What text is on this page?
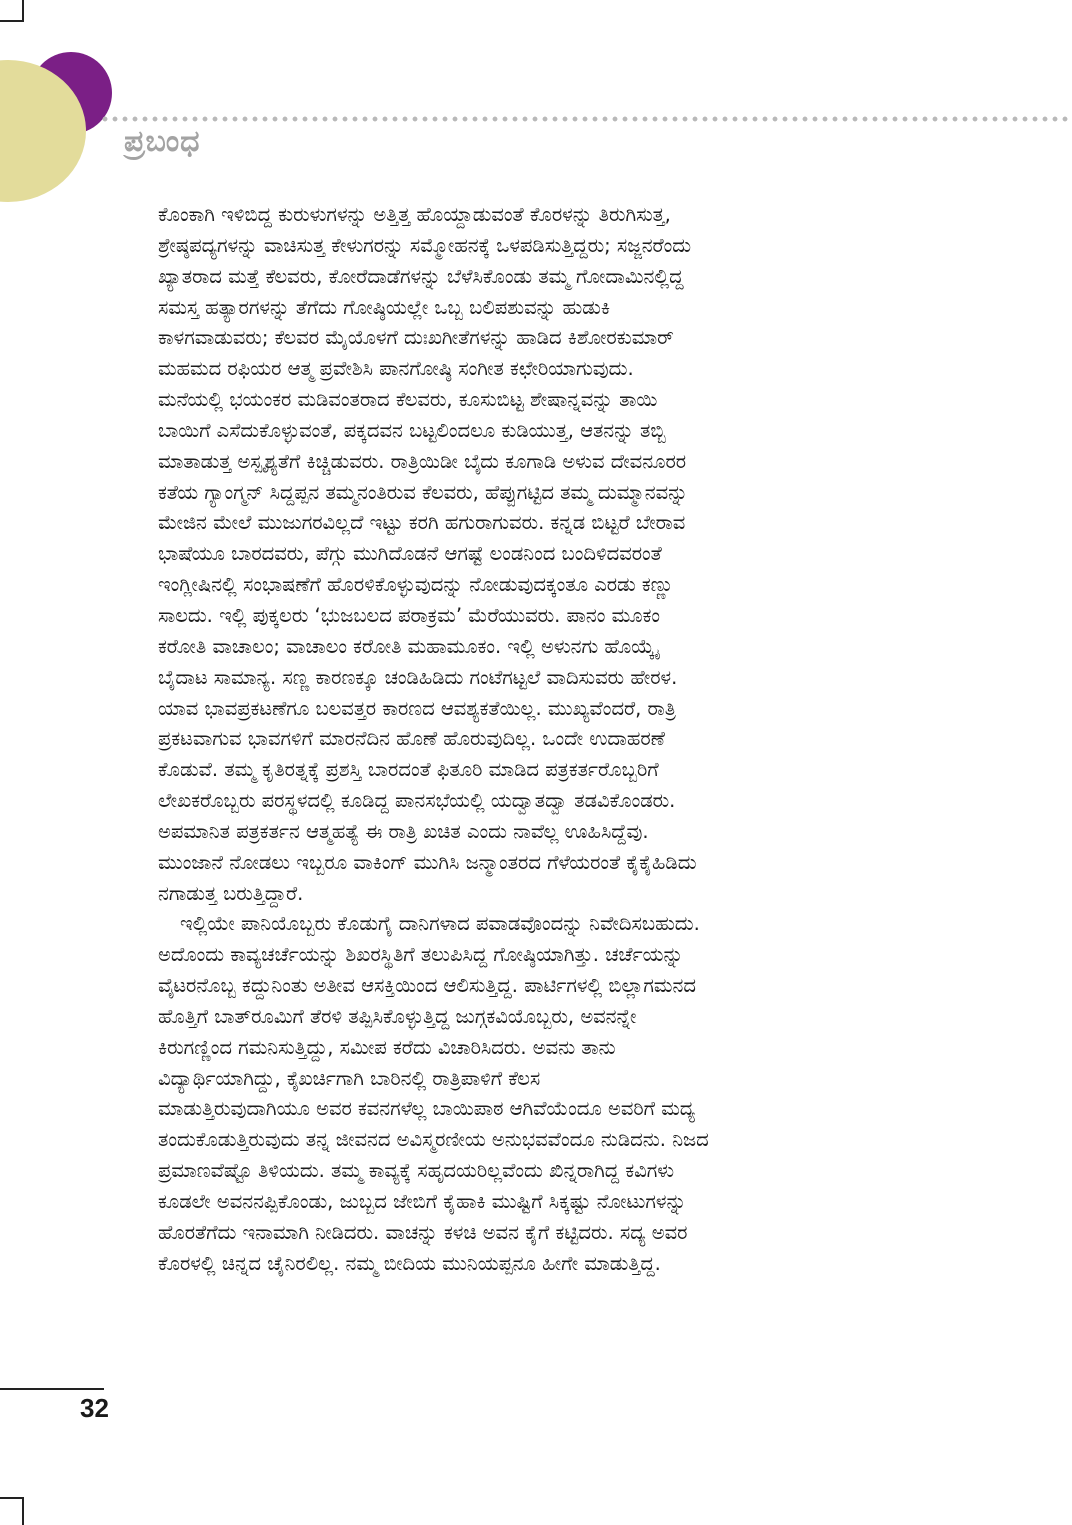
ಪ್ರಬಂಧ
ಕೊಂಕಾಗಿ ಇಳಿಬಿದ್ದ ಕುರುಳುಗಳನ್ನು ಅತ್ತಿತ್ತ ಹೊಯ್ದಾಡುವಂತೆ ಕೊರಳನ್ನು ತಿರುಗಿಸುತ್ತ,
ಶ್ರೇಷ್ಠಪದ್ಯಗಳನ್ನು ವಾಚಿಸುತ್ತ ಕೇಳುಗರನ್ನು ಸಮ್ಮೋಹನಕ್ಕೆ ಒಳಪಡಿಸುತ್ತಿದ್ದರು; ಸಜ್ಜನರೆಂದು
ಖ್ಯಾತರಾದ ಮತ್ತೆ ಕೆಲವರು, ಕೋರೆದಾಡೆಗಳನ್ನು ಬೆಳೆಸಿಕೊಂಡು ತಮ್ಮ ಗೋದಾಮಿನಲ್ಲಿದ್ದ
ಸಮಸ್ತ ಹತ್ಯಾರಗಳನ್ನು ತೆಗೆದು ಗೋಷ್ಠಿಯಲ್ಲೇ ಒಬ್ಬ ಬಲಿಪಶುವನ್ನು ಹುಡುಕಿ
ಕಾಳಗವಾಡುವರು; ಕೆಲವರ ಮೈಯೊಳಗೆ ದುಃಖಗೀತೆಗಳನ್ನು ಹಾಡಿದ ಕಿಶೋರಕುಮಾರ್
ಮಹಮದ ರಫಿಯರ ಆತ್ಮ ಪ್ರವೇಶಿಸಿ ಪಾನಗೋಷ್ಠಿ ಸಂಗೀತ ಕಛೇರಿಯಾಗುವುದು.
ಮನೆಯಲ್ಲಿ ಭಯಂಕರ ಮಡಿವಂತರಾದ ಕೆಲವರು, ಕೂಸುಬಿಟ್ಟ ಶೇಷಾನ್ನವನ್ನು ತಾಯಿ
ಬಾಯಿಗೆ ಎಸೆದುಕೊಳ್ಳುವಂತೆ, ಪಕ್ಕದವನ ಬಟ್ಟಲಿಂದಲೂ ಕುಡಿಯುತ್ತ, ಆತನನ್ನು ತಬ್ಬಿ
ಮಾತಾಡುತ್ತ ಅಸ್ಪೃಶ್ಯತೆಗೆ ಕಿಚ್ಚಿಡುವರು. ರಾತ್ರಿಯಿಡೀ ಬೈದು ಕೂಗಾಡಿ ಅಳುವ ದೇವನೂರರ
ಕತೆಯ ಗ್ಯಾಂಗ್ಮನ್ ಸಿದ್ದಪ್ಪನ ತಮ್ಮನಂತಿರುವ ಕೆಲವರು, ಹೆಪ್ಪುಗಟ್ಟಿದ ತಮ್ಮ ದುಮ್ಮಾನವನ್ನು
ಮೇಜಿನ ಮೇಲೆ ಮುಜುಗರವಿಲ್ಲದೆ ಇಟ್ಟು ಕರಗಿ ಹಗುರಾಗುವರು. ಕನ್ನಡ ಬಿಟ್ಟರೆ ಬೇರಾವ
ಭಾಷೆಯೂ ಬಾರದವರು, ಪೆಗ್ಗು ಮುಗಿದೊಡನೆ ಆಗಷ್ಟೆ ಲಂಡನಿಂದ ಬಂದಿಳಿದವರಂತೆ
ಇಂಗ್ಲೀಷಿನಲ್ಲಿ ಸಂಭಾಷಣೆಗೆ ಹೊರಳಿಕೊಳ್ಳುವುದನ್ನು ನೋಡುವುದಕ್ಕಂತೂ ಎರಡು ಕಣ್ಣು
ಸಾಲದು. ಇಲ್ಲಿ ಪುಕ್ಕಲರು ‘ಭುಜಬಲದ ಪರಾಕ್ರಮ’ ಮೆರೆಯುವರು. ಪಾನಂ ಮೂಕಂ
ಕರೋತಿ ವಾಚಾಲಂ; ವಾಚಾಲಂ ಕರೋತಿ ಮಹಾಮೂಕಂ. ಇಲ್ಲಿ ಅಳುನಗು ಹೊಯ್ಕೈ
ಬೈದಾಟ ಸಾಮಾನ್ಯ. ಸಣ್ಣ ಕಾರಣಕ್ಕೂ ಚಂಡಿಹಿಡಿದು ಗಂಟೆಗಟ್ಟಲೆ ವಾದಿಸುವರು ಹೇರಳ.
ಯಾವ ಭಾವಪ್ರಕಟಣೆಗೂ ಬಲವತ್ತರ ಕಾರಣದ ಆವಶ್ಯಕತೆಯಿಲ್ಲ. ಮುಖ್ಯವೆಂದರೆ, ರಾತ್ರಿ
ಪ್ರಕಟವಾಗುವ ಭಾವಗಳಿಗೆ ಮಾರನೆದಿನ ಹೊಣೆ ಹೊರುವುದಿಲ್ಲ. ಒಂದೇ ಉದಾಹರಣೆ
ಕೊಡುವೆ. ತಮ್ಮ ಕೃತಿರತ್ನಕ್ಕೆ ಪ್ರಶಸ್ತಿ ಬಾರದಂತೆ ಫಿತೂರಿ ಮಾಡಿದ ಪತ್ರಕರ್ತರೊಬ್ಬರಿಗೆ
ಲೇಖಕರೊಬ್ಬರು ಪರಸ್ಥಳದಲ್ಲಿ ಕೂಡಿದ್ದ ಪಾನಸಭೆಯಲ್ಲಿ ಯದ್ವಾತದ್ವಾ ತಡವಿಕೊಂಡರು.
ಅಪಮಾನಿತ ಪತ್ರಕರ್ತನ ಆತ್ಮಹತ್ಯೆ ಈ ರಾತ್ರಿ ಖಚಿತ ಎಂದು ನಾವೆಲ್ಲ ಊಹಿಸಿದ್ದೆವು.
ಮುಂಜಾನೆ ನೋಡಲು ಇಬ್ಬರೂ ವಾಕಿಂಗ್ ಮುಗಿಸಿ ಜನ್ಮಾಂತರದ ಗೆಳೆಯರಂತೆ ಕೈಕೈಹಿಡಿದು
ನಗಾಡುತ್ತ ಬರುತ್ತಿದ್ದಾರೆ.
ಇಲ್ಲಿಯೇ ಪಾನಿಯೊಬ್ಬರು ಕೊಡುಗೈ ದಾನಿಗಳಾದ ಪವಾಡವೊಂದನ್ನು ನಿವೇದಿಸಬಹುದು.
ಅದೊಂದು ಕಾವ್ಯಚರ್ಚೆಯನ್ನು ಶಿಖರಸ್ಥಿತಿಗೆ ತಲುಪಿಸಿದ್ದ ಗೋಷ್ಠಿಯಾಗಿತ್ತು. ಚರ್ಚೆಯನ್ನು
ವೈಟರನೊಬ್ಬ ಕದ್ದುನಿಂತು ಅತೀವ ಆಸಕ್ತಿಯಿಂದ ಆಲಿಸುತ್ತಿದ್ದ. ಪಾರ್ಟಿಗಳಲ್ಲಿ ಬಿಲ್ಲಾಗಮನದ
ಹೊತ್ತಿಗೆ ಬಾತ್‌ರೂಮಿಗೆ ತೆರಳಿ ತಪ್ಪಿಸಿಕೊಳ್ಳುತ್ತಿದ್ದ ಜುಗ್ಗಕವಿಯೊಬ್ಬರು, ಅವನನ್ನೇ
ಕಿರುಗಣ್ಣಿಂದ ಗಮನಿಸುತ್ತಿದ್ದು, ಸಮೀಪ ಕರೆದು ವಿಚಾರಿಸಿದರು. ಅವನು ತಾನು
ವಿದ್ಯಾರ್ಥಿಯಾಗಿದ್ದು, ಕೈಖರ್ಚಿಗಾಗಿ ಬಾರಿನಲ್ಲಿ ರಾತ್ರಿಪಾಳಿಗೆ ಕೆಲಸ
ಮಾಡುತ್ತಿರುವುದಾಗಿಯೂ ಅವರ ಕವನಗಳೆಲ್ಲ ಬಾಯಿಪಾಠ ಆಗಿವೆಯೆಂದೂ ಅವರಿಗೆ ಮದ್ಯ
ತಂದುಕೊಡುತ್ತಿರುವುದು ತನ್ನ ಜೀವನದ ಅವಿಸ್ಮರಣೀಯ ಅನುಭವವೆಂದೂ ನುಡಿದನು. ನಿಜದ
ಪ್ರಮಾಣವೆಷ್ಟೊ ತಿಳಿಯದು. ತಮ್ಮ ಕಾವ್ಯಕ್ಕೆ ಸಹೃದಯರಿಲ್ಲವೆಂದು ಖಿನ್ನರಾಗಿದ್ದ ಕವಿಗಳು
ಕೂಡಲೇ ಅವನನಪ್ಪಿಕೊಂಡು, ಜುಬ್ಬದ ಜೇಬಿಗೆ ಕೈಹಾಕಿ ಮುಷ್ಟಿಗೆ ಸಿಕ್ಕಷ್ಟು ನೋಟುಗಳನ್ನು
ಹೊರತೆಗೆದು ಇನಾಮಾಗಿ ನೀಡಿದರು. ವಾಚನ್ನು ಕಳಚಿ ಅವನ ಕೈಗೆ ಕಟ್ಟಿದರು. ಸದ್ಯ ಅವರ
ಕೊರಳಲ್ಲಿ ಚಿನ್ನದ ಚೈನಿರಲಿಲ್ಲ. ನಮ್ಮ ಬೀದಿಯ ಮುನಿಯಪ್ಪನೂ ಹೀಗೇ ಮಾಡುತ್ತಿದ್ದ.
32
